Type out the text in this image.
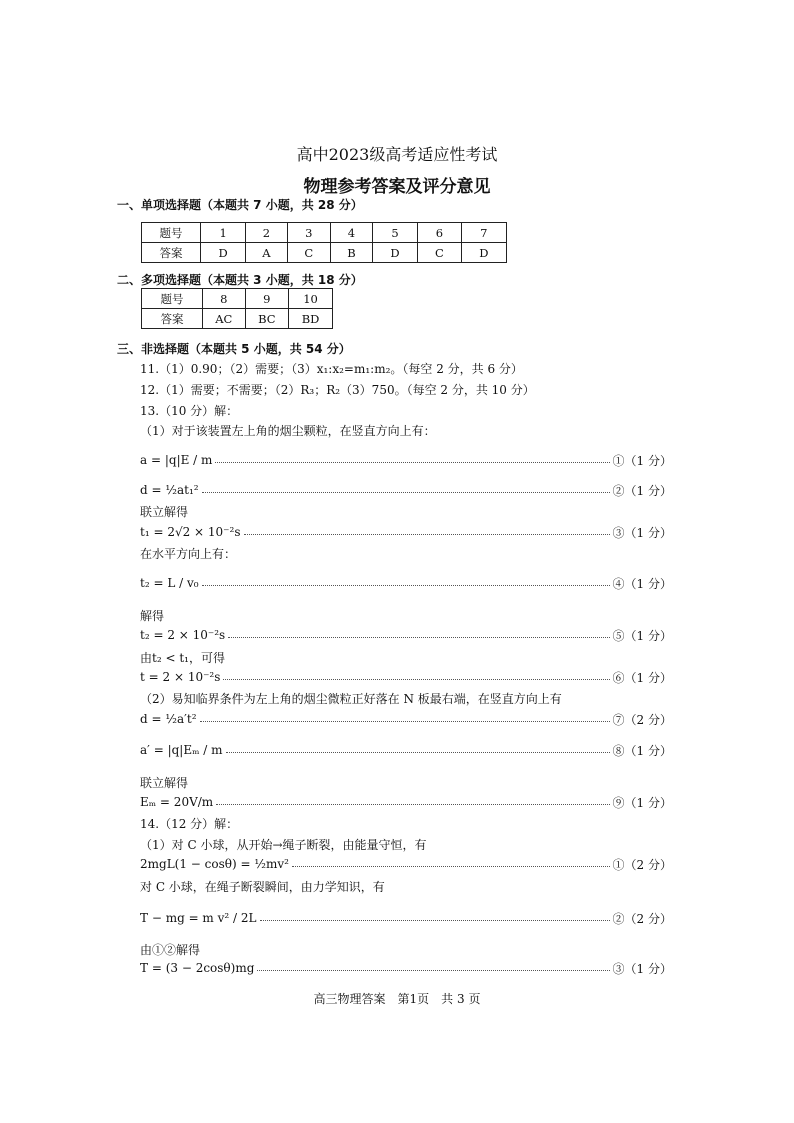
高中2023级高考适应性考试
物理参考答案及评分意见
一、单项选择题（本题共 7 小题，共 28 分）
题号	1	2	3	4	5	6	7
答案	D	A	C	B	D	C	D
二、多项选择题（本题共 3 小题，共 18 分）
题号	8	9	10
答案	AC	BC	BD
三、非选择题（本题共 5 小题，共 54 分）
11.（1）0.90；（2）需要；（3）x₁:x₂=m₁:m₂。（每空 2 分，共 6 分）
12.（1）需要；不需要；（2）R₃；R₂（3）750。（每空 2 分，共 10 分）
13.（10 分）解：
（1）对于该装置左上角的烟尘颗粒，在竖直方向上有：
a = |q|E / m	①（1 分）
d = ½at₁²	②（1 分）
联立解得
t₁ = 2√2 × 10⁻²s	③（1 分）
在水平方向上有：
t₂ = L / v₀	④（1 分）
解得
t₂ = 2 × 10⁻²s	⑤（1 分）
由t₂ < t₁，可得
t = 2 × 10⁻²s	⑥（1 分）
（2）易知临界条件为左上角的烟尘微粒正好落在 N 板最右端，在竖直方向上有
d = ½a′t²	⑦（2 分）
a′ = |q|Eₘ / m	⑧（1 分）
联立解得
Eₘ = 20V/m	⑨（1 分）
14.（12 分）解：
（1）对 C 小球，从开始→绳子断裂，由能量守恒，有
2mgL(1 − cosθ) = ½mv²	①（2 分）
对 C 小球，在绳子断裂瞬间，由力学知识，有
T − mg = m v² / 2L	②（2 分）
由①②解得
T = (3 − 2cosθ)mg	③（1 分）
高三物理答案　第1页　共 3 页
